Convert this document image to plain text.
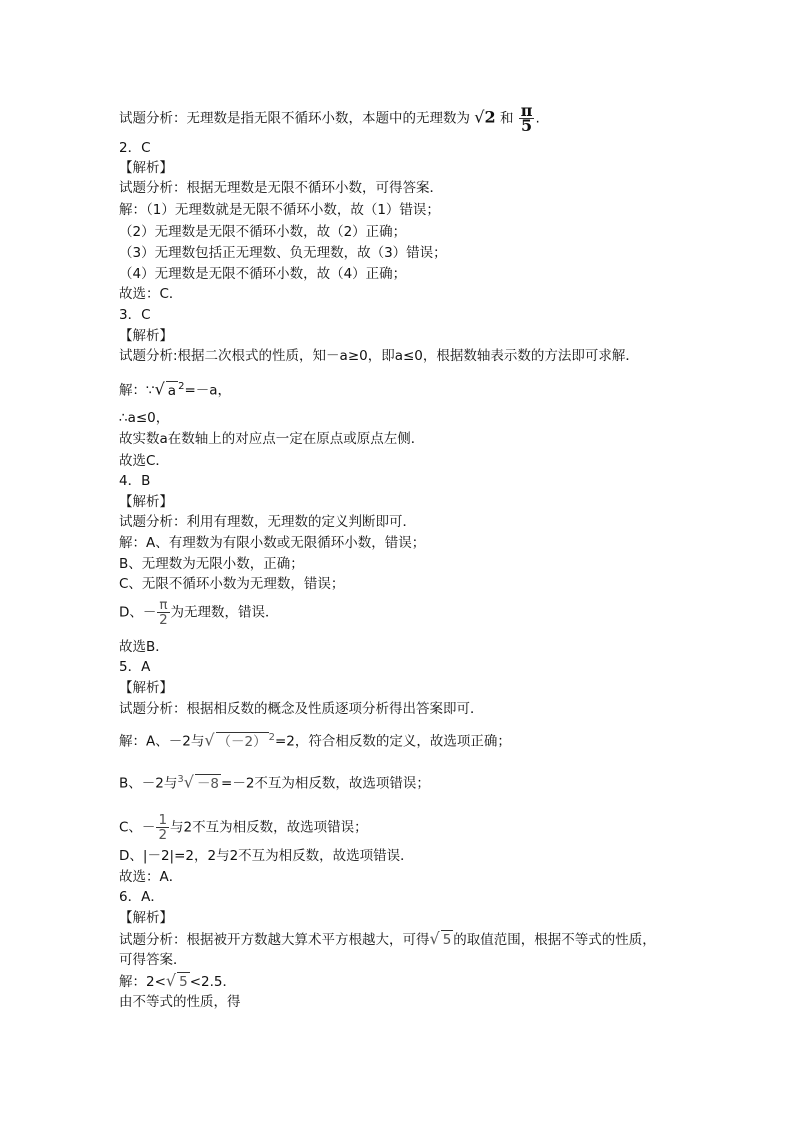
试题分析：无理数是指无限不循环小数，本题中的无理数为 √2 和 $\frac{\pi}{5}$ .
2．C
【解析】
试题分析：根据无理数是无限不循环小数，可得答案．
解：（1）无理数就是无限不循环小数，故（1）错误；
（2）无理数是无限不循环小数，故（2）正确；
（3）无理数包括正无理数、负无理数，故（3）错误；
（4）无理数是无限不循环小数，故（4）正确；
故选：C．
3．C
【解析】
试题分析:根据二次根式的性质，知－a≥0，即a≤0，根据数轴表示数的方法即可求解．
解：∵√ a $^2$=－a，
∴a≤0，
故实数a在数轴上的对应点一定在原点或原点左侧．
故选C．
4．B
【解析】
试题分析：利用有理数，无理数的定义判断即可．
解：A、有理数为有限小数或无限循环小数，错误；
B、无理数为无限小数，正确；
C、无限不循环小数为无理数，错误；
D、－ $\frac{\pi}{2}$ 为无理数，错误．
故选B．
5．A
【解析】
试题分析：根据相反数的概念及性质逐项分析得出答案即可．
解：A、－2与√ （－2） $^2$=2，符合相反数的定义，故选项正确；
B、－2与$^3$√ －8 =－2不互为相反数，故选项错误；
C、－ $\frac{1}{2}$ 与2不互为相反数，故选项错误；
D、|－2|=2，2与2不互为相反数，故选项错误．
故选：A．
6．A．
【解析】
试题分析：根据被开方数越大算术平方根越大，可得√ 5 的取值范围，根据不等式的性质，
可得答案．
解：2<√ 5 <2.5．
由不等式的性质，得
